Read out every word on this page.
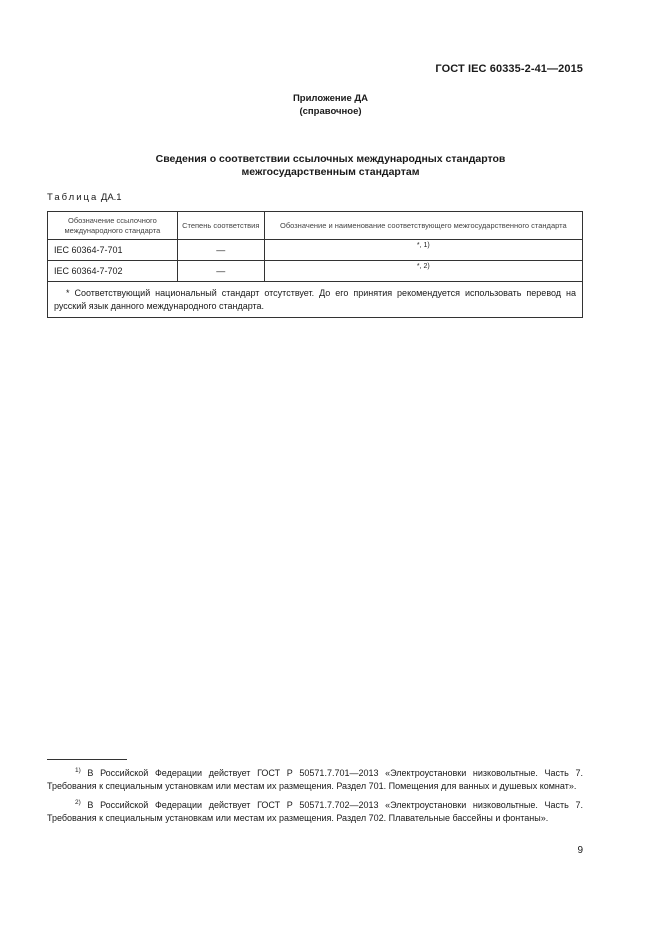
ГОСТ IEC 60335-2-41—2015
Приложение ДА
(справочное)
Сведения о соответствии ссылочных международных стандартов
межгосударственным стандартам
Таблица ДА.1
Обозначение ссылочного международного стандарта	Степень соответствия	Обозначение и наименование соответствующего межгосударственного стандарта
IEC 60364-7-701	—	*, 1)
IEC 60364-7-702	—	*, 2)

* Соответствующий национальный стандарт отсутствует. До его принятия рекомендуется использовать перевод на русский язык данного международного стандарта.		

$^{1)}$ В Российской Федерации действует ГОСТ Р 50571.7.701—2013 «Электроустановки низковольтные. Часть 7. Требования к специальным установкам или местам их размещения. Раздел 701. Помещения для ванных и душевых комнат».

$^{2)}$ В Российской Федерации действует ГОСТ Р 50571.7.702—2013 «Электроустановки низковольтные. Часть 7. Требования к специальным установкам или местам их размещения. Раздел 702. Плавательные бассейны и фонтаны».

9
